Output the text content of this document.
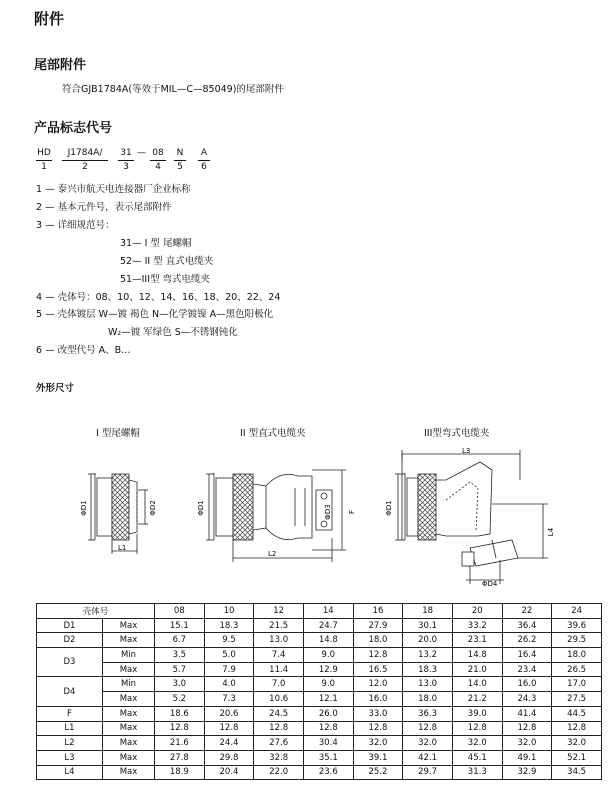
附件
尾部附件
符合GJB1784A(等效于MIL—C—85049)的尾部附件
产品标志代号
HD
1
J1784A/
2
31
3
— 08
4
N
5
A
6
1 — 泰兴市航天电连接器厂企业标称
2 — 基本元件号，表示尾部附件
3 — 详细规范号：
31— I 型 尾螺帽
52— II 型 直式电缆夹
51—III型 弯式电缆夹
4 — 壳体号：08、10、12、14、16、18、20、22、24
5 — 壳体镀层 W—镀 褐色 N—化学镀镍 A—黑色阳极化
W₂—镀 军绿色 S—不锈钢钝化
6 — 改型代号 A、B…
外形尺寸
I 型尾螺帽	II 型直式电缆夹	III型弯式电缆夹
ΦD1	ΦD2
L1
ΦD1	ΦD3 F
L2
L3
ΦD1
L4
ΦD4
壳体号		08	10	12	14	16	18	20	22	24
D1	Max	15.1	18.3	21.5	24.7	27.9	30.1	33.2	36.4	39.6
D2	Max	6.7	9.5	13.0	14.8	18.0	20.0	23.1	26.2	29.5
D3	Min	3.5	5.0	7.4	9.0	12.8	13.2	14.8	16.4	18.0
	Max	5.7	7.9	11.4	12.9	16.5	18.3	21.0	23.4	26.5
D4	Min	3.0	4.0	7.0	9.0	12.0	13.0	14.0	16.0	17.0
	Max	5.2	7.3	10.6	12.1	16.0	18.0	21.2	24.3	27.5
F	Max	18.6	20.6	24.5	26.0	33.0	36.3	39.0	41.4	44.5
L1	Max	12.8	12.8	12.8	12.8	12.8	12.8	12.8	12.8	12.8
L2	Max	21.6	24.4	27.6	30.4	32.0	32.0	32.0	32.0	32.0
L3	Max	27.8	29.8	32.8	35.1	39.1	42.1	45.1	49.1	52.1
L4	Max	18.9	20.4	22.0	23.6	25.2	29.7	31.3	32.9	34.5
